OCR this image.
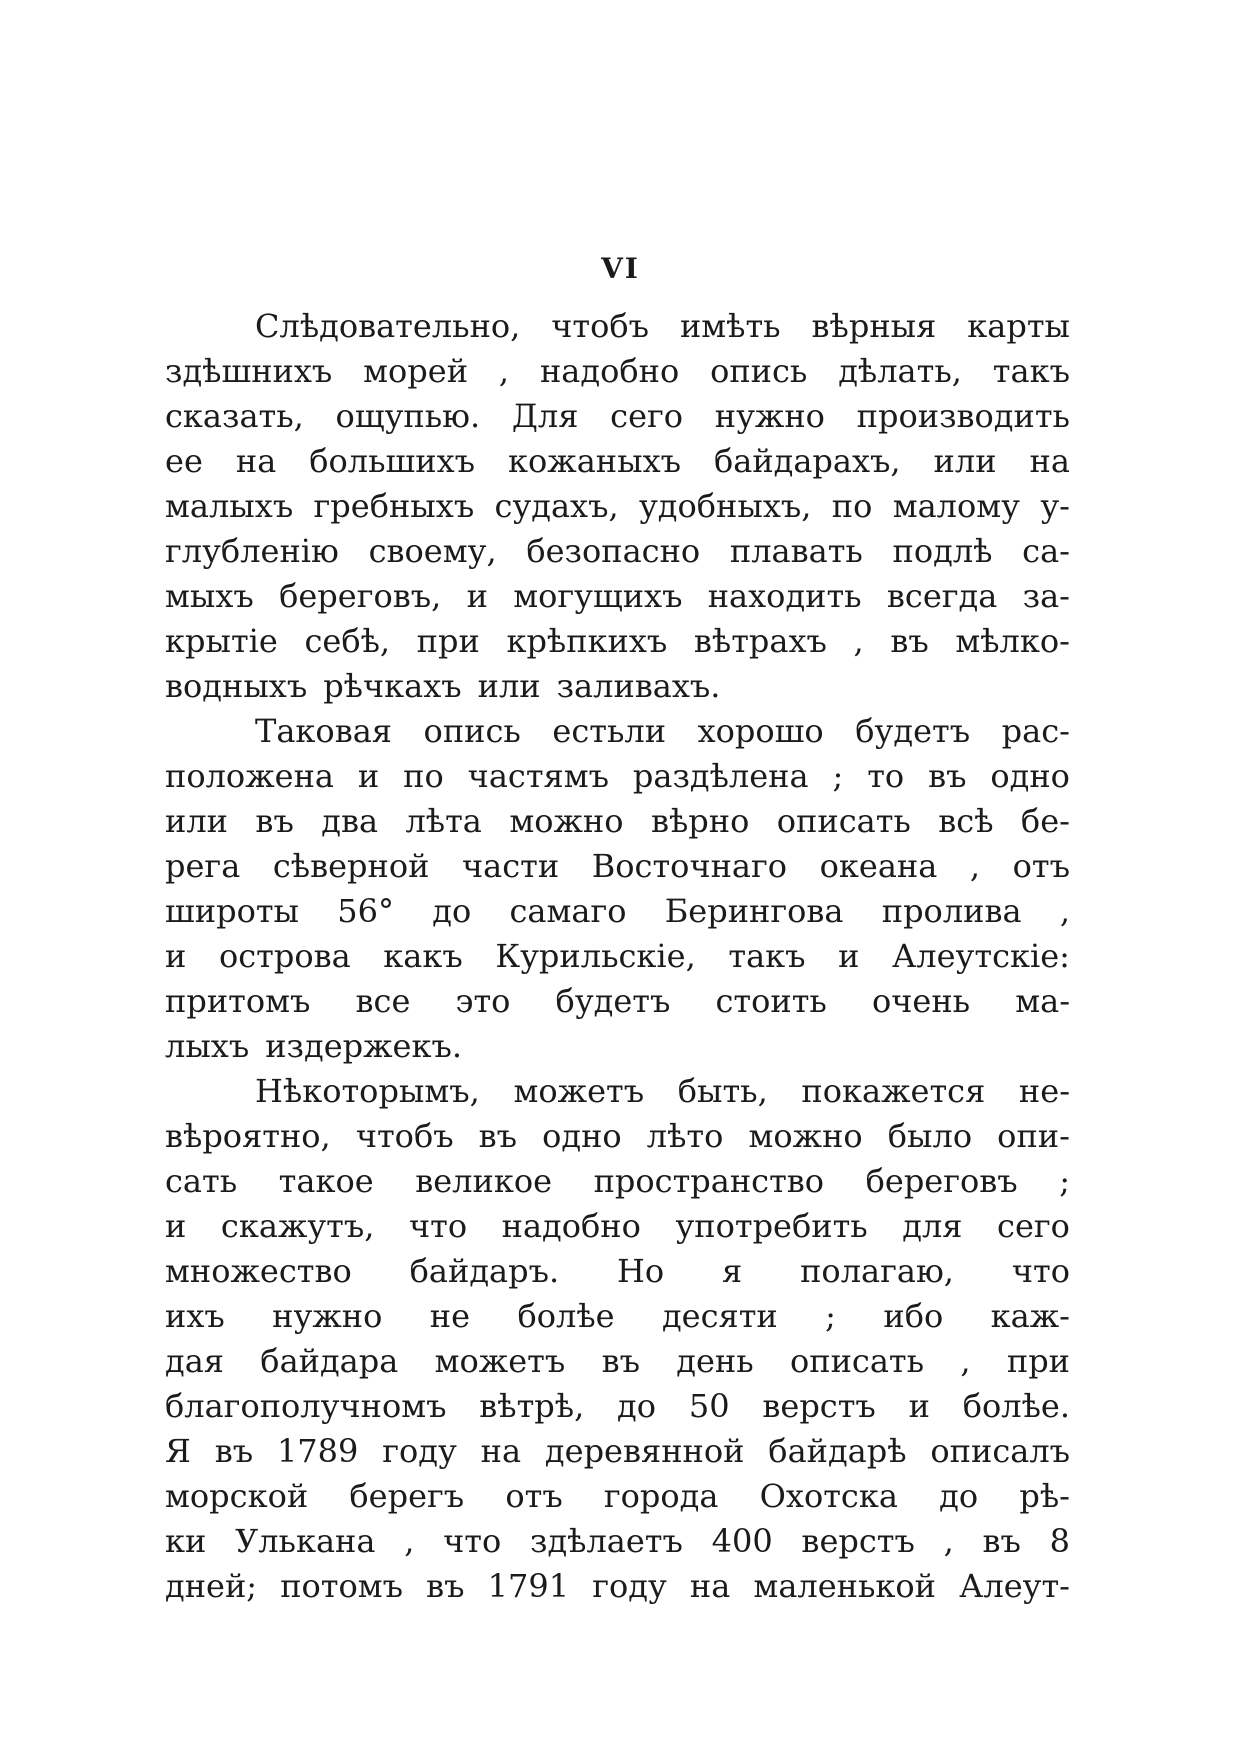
VI
Слѣдовательно, чтобъ имѣть вѣрныя карты
здѣшнихъ морей , надобно опись дѣлать, такъ
сказать, ощупью. Для сего нужно производить
ее на большихъ кожаныхъ байдарахъ, или на
малыхъ гребныхъ судахъ, удобныхъ, по малому у-
глубленію своему, безопасно плавать подлѣ са-
мыхъ береговъ, и могущихъ находить всегда за-
крытіе себѣ, при крѣпкихъ вѣтрахъ , въ мѣлко-
водныхъ рѣчкахъ или заливахъ.
Таковая опись естьли хорошо будетъ рас-
положена и по частямъ раздѣлена ; то въ одно
или въ два лѣта можно вѣрно описать всѣ бе-
рега сѣверной части Восточнаго океана , отъ
широты 56° до самаго Берингова пролива ,
и острова какъ Курильскіе, такъ и Алеутскіе:
притомъ все это будетъ стоить очень ма-
лыхъ издержекъ.
Нѣкоторымъ, можетъ быть, покажется не-
вѣроятно, чтобъ въ одно лѣто можно было опи-
сать такое великое пространство береговъ ;
и скажутъ, что надобно употребить для сего
множество байдаръ. Но я полагаю, что
ихъ нужно не болѣе десяти ; ибо каж-
дая байдара можетъ въ день описать , при
благополучномъ вѣтрѣ, до 50 верстъ и болѣе.
Я въ 1789 году на деревянной байдарѣ описалъ
морской берегъ отъ города Охотска до рѣ-
ки Улькана , что здѣлаетъ 400 верстъ , въ 8
дней; потомъ въ 1791 году на маленькой Алеут-
